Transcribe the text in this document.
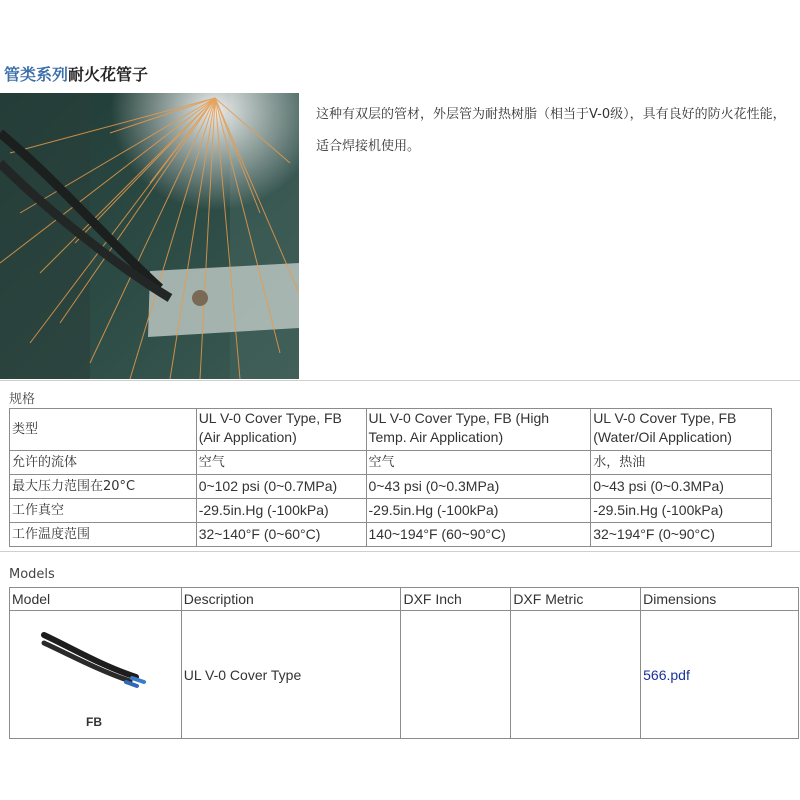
管类系列耐火花管子
这种有双层的管材，外层管为耐热树脂（相当于V-0级），具有良好的防火花性能，适合焊接机使用。
规格
类型	UL V-0 Cover Type, FB (Air Application)	UL V-0 Cover Type, FB (High Temp. Air Application)	UL V-0 Cover Type, FB (Water/Oil Application)
允许的流体	空气	空气	水，热油
最大压力范围在20°C	0~102 psi (0~0.7MPa)	0~43 psi (0~0.3MPa)	0~43 psi (0~0.3MPa)
工作真空	-29.5in.Hg (-100kPa)	-29.5in.Hg (-100kPa)	-29.5in.Hg (-100kPa)
工作温度范围	32~140°F (0~60°C)	140~194°F (60~90°C)	32~194°F (0~90°C)
Models
Model	Description	DXF Inch	DXF Metric	Dimensions

FB	UL V-0 Cover Type			566.pdf
